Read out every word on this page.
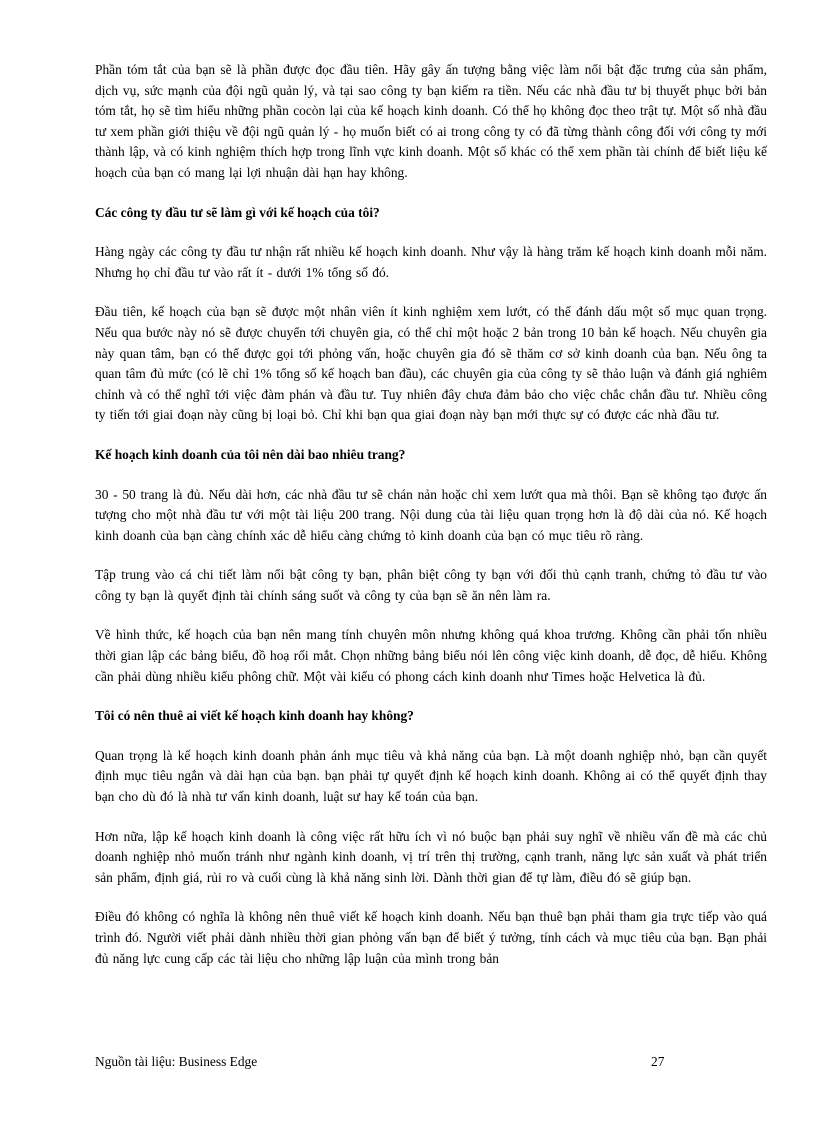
Phần tóm tắt của bạn sẽ là phần được đọc đầu tiên. Hãy gây ấn tượng bằng việc làm nổi bật đặc trưng của sản phẩm, dịch vụ, sức mạnh của đội ngũ quản lý, và tại sao công ty bạn kiếm ra tiền. Nếu các nhà đầu tư bị thuyết phục bởi bản tóm tắt, họ sẽ tìm hiểu những phần cocòn lại của kế hoạch kinh doanh. Có thể họ không đọc theo trật tự. Một số nhà đầu tư xem phần giới thiệu về đội ngũ quản lý - họ muốn biết có ai trong công ty có đã từng thành công đối với công ty mới thành lập, và có kinh nghiệm thích hợp trong lĩnh vực kinh doanh. Một số khác có thể xem phần tài chính để biết liệu kế hoạch của bạn có mang lại lợi nhuận dài hạn hay không.

Các công ty đầu tư sẽ làm gì với kế hoạch của tôi?

Hàng ngày các công ty đầu tư nhận rất nhiều kế hoạch kinh doanh. Như vậy là hàng trăm kế hoạch kinh doanh mỗi năm. Nhưng họ chỉ đầu tư vào rất ít - dưới 1% tổng số đó.

Đầu tiên, kế hoạch của bạn sẽ được một nhân viên ít kinh nghiệm xem lướt, có thể đánh dấu một số mục quan trọng. Nếu qua bước này nó sẽ được chuyển tới chuyên gia, có thể chỉ một hoặc 2 bản trong 10 bản kế hoạch. Nếu chuyên gia này quan tâm, bạn có thể được gọi tới phỏng vấn, hoặc chuyên gia đó sẽ thăm cơ sở kinh doanh của bạn. Nếu ông ta quan tâm đủ mức (có lẽ chỉ 1% tổng số kế hoạch ban đầu), các chuyên gia của công ty sẽ thảo luận và đánh giá nghiêm chỉnh và có thể nghĩ tới việc đàm phán và đầu tư. Tuy nhiên đây chưa đảm bảo cho việc chắc chắn đầu tư. Nhiều công ty tiến tới giai đoạn này cũng bị loại bỏ. Chỉ khi bạn qua giai đoạn này bạn mới thực sự có được các nhà đầu tư.

Kế hoạch kinh doanh của tôi nên dài bao nhiêu trang?

30 - 50 trang là đủ. Nếu dài hơn, các nhà đầu tư sẽ chán nản hoặc chỉ xem lướt qua mà thôi. Bạn sẽ không tạo được ấn tượng cho một nhà đầu tư với một tài liệu 200 trang. Nội dung của tài liệu quan trọng hơn là độ dài của nó. Kế hoạch kinh doanh của bạn càng chính xác dễ hiểu càng chứng tỏ kinh doanh của bạn có mục tiêu rõ ràng.

Tập trung vào cá chi tiết làm nổi bật công ty bạn, phân biệt công ty bạn với đối thủ cạnh tranh, chứng tỏ đầu tư vào công ty bạn là quyết định tài chính sáng suốt và công ty của bạn sẽ ăn nên làm ra.

Về hình thức, kế hoạch của bạn nên mang tính chuyên môn nhưng không quá khoa trương. Không cần phải tốn nhiều thời gian lập các bảng biểu, đồ hoạ rối mắt. Chọn những bảng biểu nói lên công việc kinh doanh, dễ đọc, dễ hiểu. Không cần phải dùng nhiều kiểu phông chữ. Một vài kiểu có phong cách kinh doanh như Times hoặc Helvetica là đủ.

Tôi có nên thuê ai viết kế hoạch kinh doanh hay không?

Quan trọng là kế hoạch kinh doanh phản ánh mục tiêu và khả năng của bạn. Là một doanh nghiệp nhỏ, bạn cần quyết định mục tiêu ngắn và dài hạn của bạn. bạn phải tự quyết định kế hoạch kinh doanh. Không ai có thể quyết định thay bạn cho dù đó là nhà tư vấn kinh doanh, luật sư hay kế toán của bạn.

Hơn nữa, lập kế hoạch kinh doanh là công việc rất hữu ích vì nó buộc bạn phải suy nghĩ về nhiều vấn đề mà các chủ doanh nghiệp nhỏ muốn tránh như ngành kinh doanh, vị trí trên thị trường, cạnh tranh, năng lực sản xuất và phát triển sản phẩm, định giá, rủi ro và cuối cùng là khả năng sinh lời. Dành thời gian để tự làm, điều đó sẽ giúp bạn.

Điều đó không có nghĩa là không nên thuê viết kế hoạch kinh doanh. Nếu bạn thuê bạn phải tham gia trực tiếp vào quá trình đó. Người viết phải dành nhiều thời gian phỏng vấn bạn để biết ý tưởng, tính cách và mục tiêu của bạn. Bạn phải đủ năng lực cung cấp các tài liệu cho những lập luận của mình trong bản

Nguồn tài liệu: Business Edge	27
